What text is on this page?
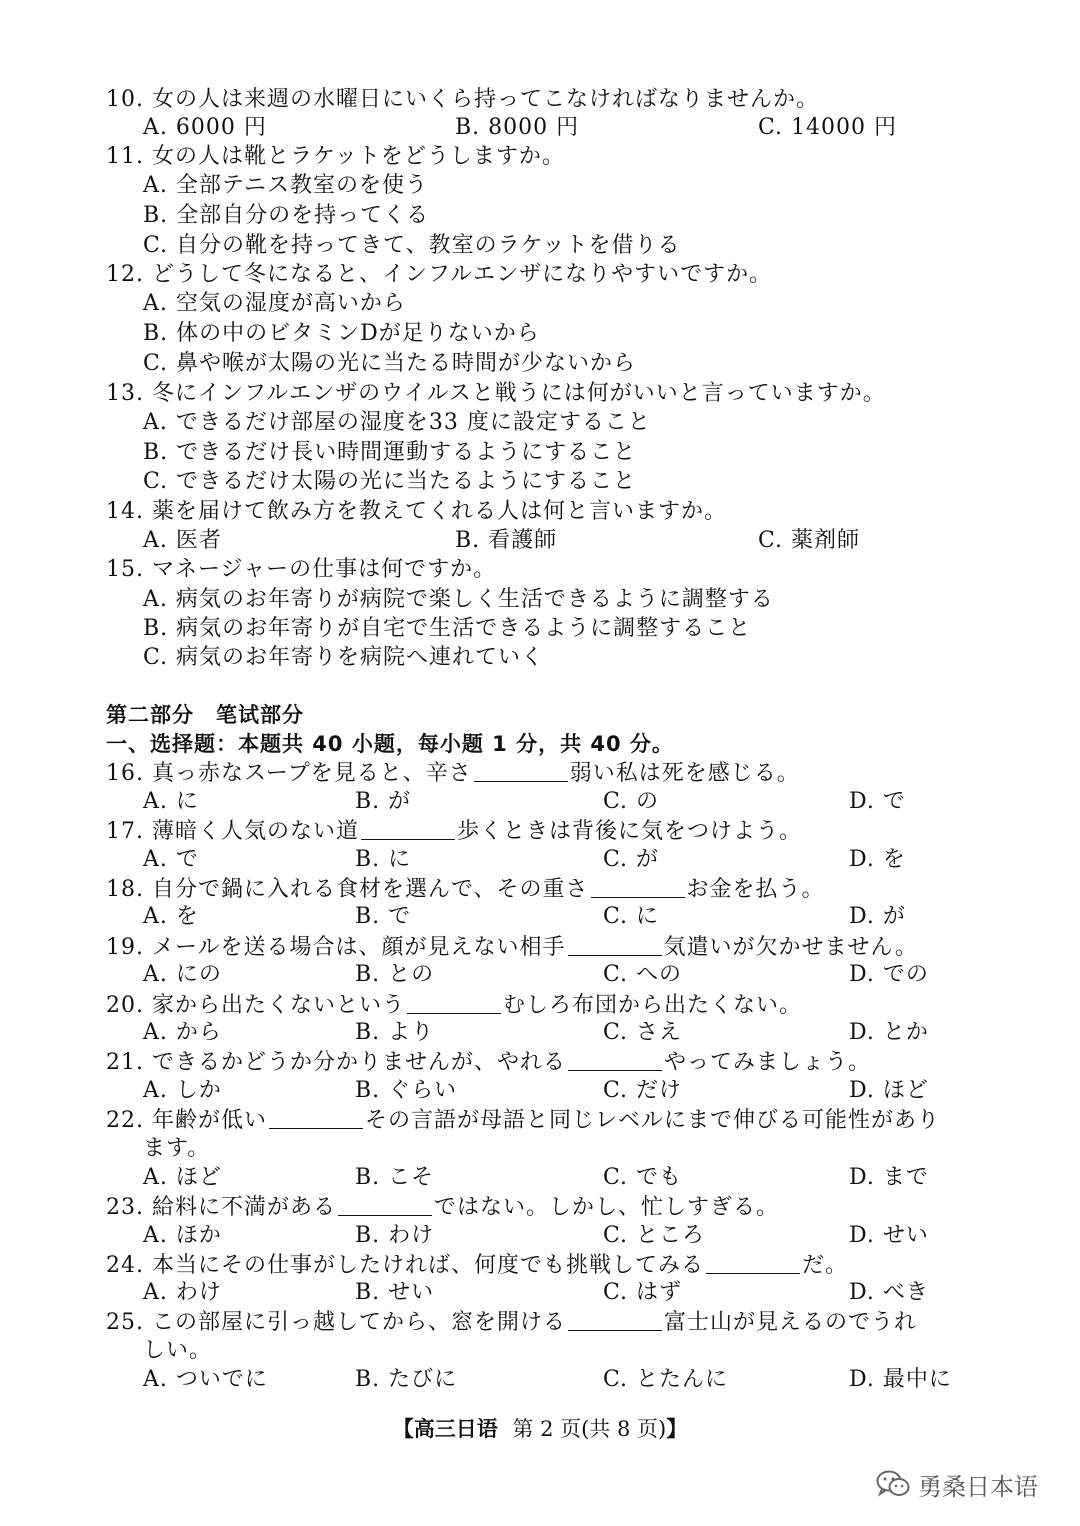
10. 女の人は来週の水曜日にいくら持ってこなければなりませんか。
A. 6000 円	B. 8000 円	C. 14000 円
11. 女の人は靴とラケットをどうしますか。
A. 全部テニス教室のを使う
B. 全部自分のを持ってくる
C. 自分の靴を持ってきて、教室のラケットを借りる
12. どうして冬になると、インフルエンザになりやすいですか。
A. 空気の湿度が高いから
B. 体の中のビタミンDが足りないから
C. 鼻や喉が太陽の光に当たる時間が少ないから
13. 冬にインフルエンザのウイルスと戦うには何がいいと言っていますか。
A. できるだけ部屋の湿度を33 度に設定すること
B. できるだけ長い時間運動するようにすること
C. できるだけ太陽の光に当たるようにすること
14. 薬を届けて飲み方を教えてくれる人は何と言いますか。
A. 医者	B. 看護師	C. 薬剤師
15. マネージャーの仕事は何ですか。
A. 病気のお年寄りが病院で楽しく生活できるように調整する
B. 病気のお年寄りが自宅で生活できるように調整すること
C. 病気のお年寄りを病院へ連れていく
第二部分　笔试部分
一、选择题：本题共 40 小题，每小题 1 分，共 40 分。
16. 真っ赤なスープを見ると、辛さ	弱い私は死を感じる。
A. に	B. が	C. の	D. で
17. 薄暗く人気のない道	歩くときは背後に気をつけよう。
A. で	B. に	C. が	D. を
18. 自分で鍋に入れる食材を選んで、その重さ	お金を払う。
A. を	B. で	C. に	D. が
19. メールを送る場合は、顔が見えない相手	気遣いが欠かせません。
A. にの	B. との	C. への	D. での
20. 家から出たくないという	むしろ布団から出たくない。
A. から	B. より	C. さえ	D. とか
21. できるかどうか分かりませんが、やれる	やってみましょう。
A. しか	B. ぐらい	C. だけ	D. ほど
22. 年齢が低い	その言語が母語と同じレベルにまで伸びる可能性があり
ます。
A. ほど	B. こそ	C. でも	D. まで
23. 給料に不満がある	ではない。しかし、忙しすぎる。
A. ほか	B. わけ	C. ところ	D. せい
24. 本当にその仕事がしたければ、何度でも挑戦してみる	だ。
A. わけ	B. せい	C. はず	D. べき
25. この部屋に引っ越してから、窓を開ける	富士山が見えるのでうれ
しい。
A. ついでに	B. たびに	C. とたんに	D. 最中に
【高三日语 第 2 页(共 8 页)】
勇桑日本语
